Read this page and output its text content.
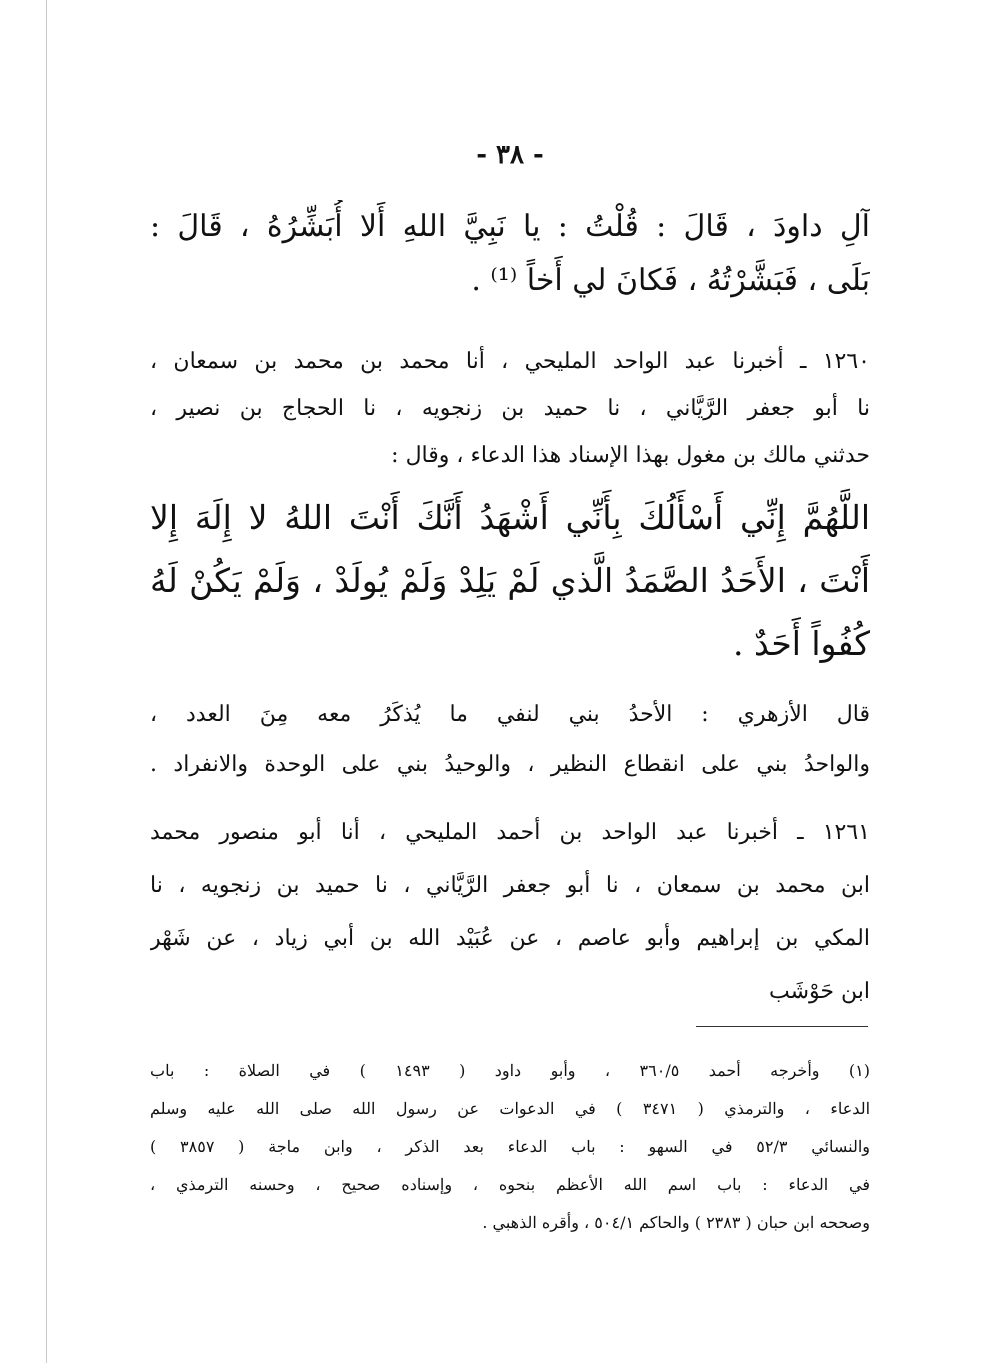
- ٣٨ -
آلِ داودَ ، قَالَ : قُلْتُ : يا نَبِيَّ اللهِ أَلا أُبَشِّرُهُ ، قَالَ :
بَلَى ، فَبَشَّرْتُهُ ، فَكانَ لي أَخاً ⁽¹⁾ .
١٢٦٠ ـ أخبرنا عبد الواحد المليحي ، أنا محمد بن محمد بن سمعان ،
نا أبو جعفر الرَّيَّاني ، نا حميد بن زنجويه ، نا الحجاج بن نصير ،
حدثني مالك بن مغول بهذا الإسناد هذا الدعاء ، وقال :
اللَّهُمَّ إِنِّي أَسْأَلُكَ بِأَنِّي أَشْهَدُ أَنَّكَ أَنْتَ اللهُ لا إِلَهَ إِلا
أَنْتَ ، الأَحَدُ الصَّمَدُ الَّذي لَمْ يَلِدْ وَلَمْ يُولَدْ ، وَلَمْ يَكُنْ لَهُ
كُفُواً أَحَدٌ .
قال الأزهري : الأحدُ بني لنفي ما يُذكَرُ معه مِنَ العدد ،
والواحدُ بني على انقطاع النظير ، والوحيدُ بني على الوحدة والانفراد .
١٢٦١ ـ أخبرنا عبد الواحد بن أحمد المليحي ، أنا أبو منصور محمد
ابن محمد بن سمعان ، نا أبو جعفر الرَّيَّاني ، نا حميد بن زنجويه ، نا
المكي بن إبراهيم وأبو عاصم ، عن عُبَيْد الله بن أبي زياد ، عن شَهْر
ابن حَوْشَب
(١) وأخرجه أحمد ٣٦٠/٥ ، وأبو داود ( ١٤٩٣ ) في الصلاة : باب
الدعاء ، والترمذي ( ٣٤٧١ ) في الدعوات عن رسول الله صلى الله عليه وسلم
والنسائي ٥٢/٣ في السهو : باب الدعاء بعد الذكر ، وابن ماجة ( ٣٨٥٧ )
في الدعاء : باب اسم الله الأعظم بنحوه ، وإسناده صحيح ، وحسنه الترمذي ،
وصححه ابن حبان ( ٢٣٨٣ ) والحاكم ٥٠٤/١ ، وأقره الذهبي .
